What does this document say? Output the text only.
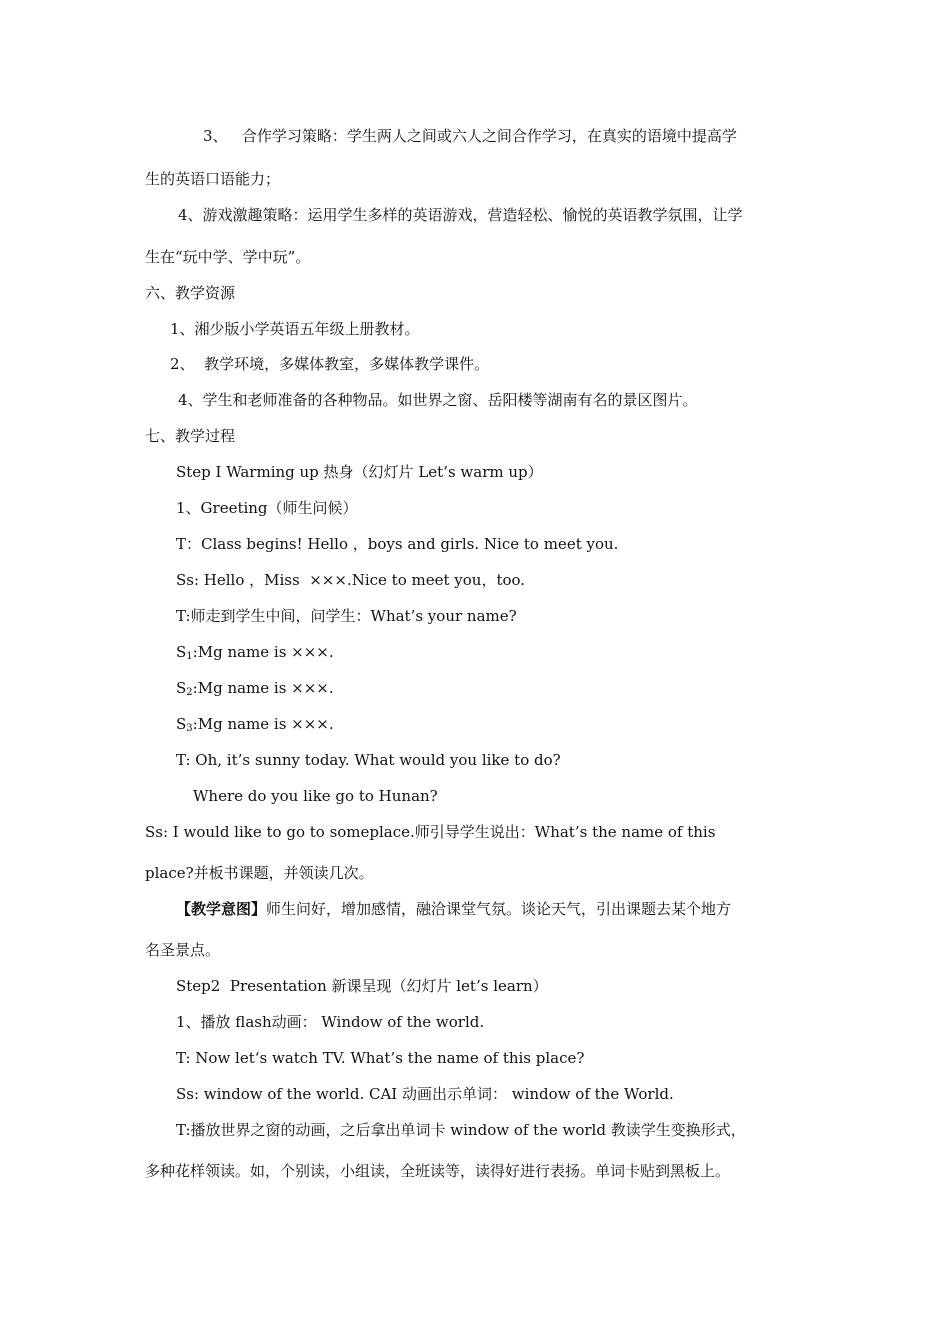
3、   合作学习策略：学生两人之间或六人之间合作学习，在真实的语境中提高学
生的英语口语能力；
4、游戏激趣策略：运用学生多样的英语游戏，营造轻松、愉悦的英语教学氛围，让学
生在“玩中学、学中玩”。
六、教学资源
1、湘少版小学英语五年级上册教材。
2、  教学环境，多媒体教室，多媒体教学课件。
4、学生和老师准备的各种物品。如世界之窗、岳阳楼等湖南有名的景区图片。
七、教学过程
Step I Warming up 热身（幻灯片 Let’s warm up）
1、Greeting（师生问候）
T：Class begins! Hello ，boys and girls. Nice to meet you.
Ss: Hello ，Miss  ×××.Nice to meet you，too.
T:师走到学生中间，问学生：What’s your name?
$S_1:Mg$ name is ×××.
$S_2:Mg$ name is ×××.
$S_3:Mg$ name is ×××.
T: Oh, it’s sunny today. What would you like to do?
Where do you like go to Hunan?
Ss: I would like to go to someplace.师引导学生说出：What’s the name of this
place?并板书课题，并领读几次。
【教学意图】师生问好，增加感情，融洽课堂气氛。谈论天气，引出课题去某个地方
名圣景点。
Step2  Presentation 新课呈现（幻灯片 let’s learn）
1、播放 flash动画： Window of the world.
T: Now let‘s watch TV. What’s the name of this place?
Ss: window of the world. CAI 动画出示单词： window of the World.
T:播放世界之窗的动画，之后拿出单词卡 window of the world 教读学生变换形式，
多种花样领读。如，个别读，小组读，全班读等，读得好进行表扬。单词卡贴到黑板上。
